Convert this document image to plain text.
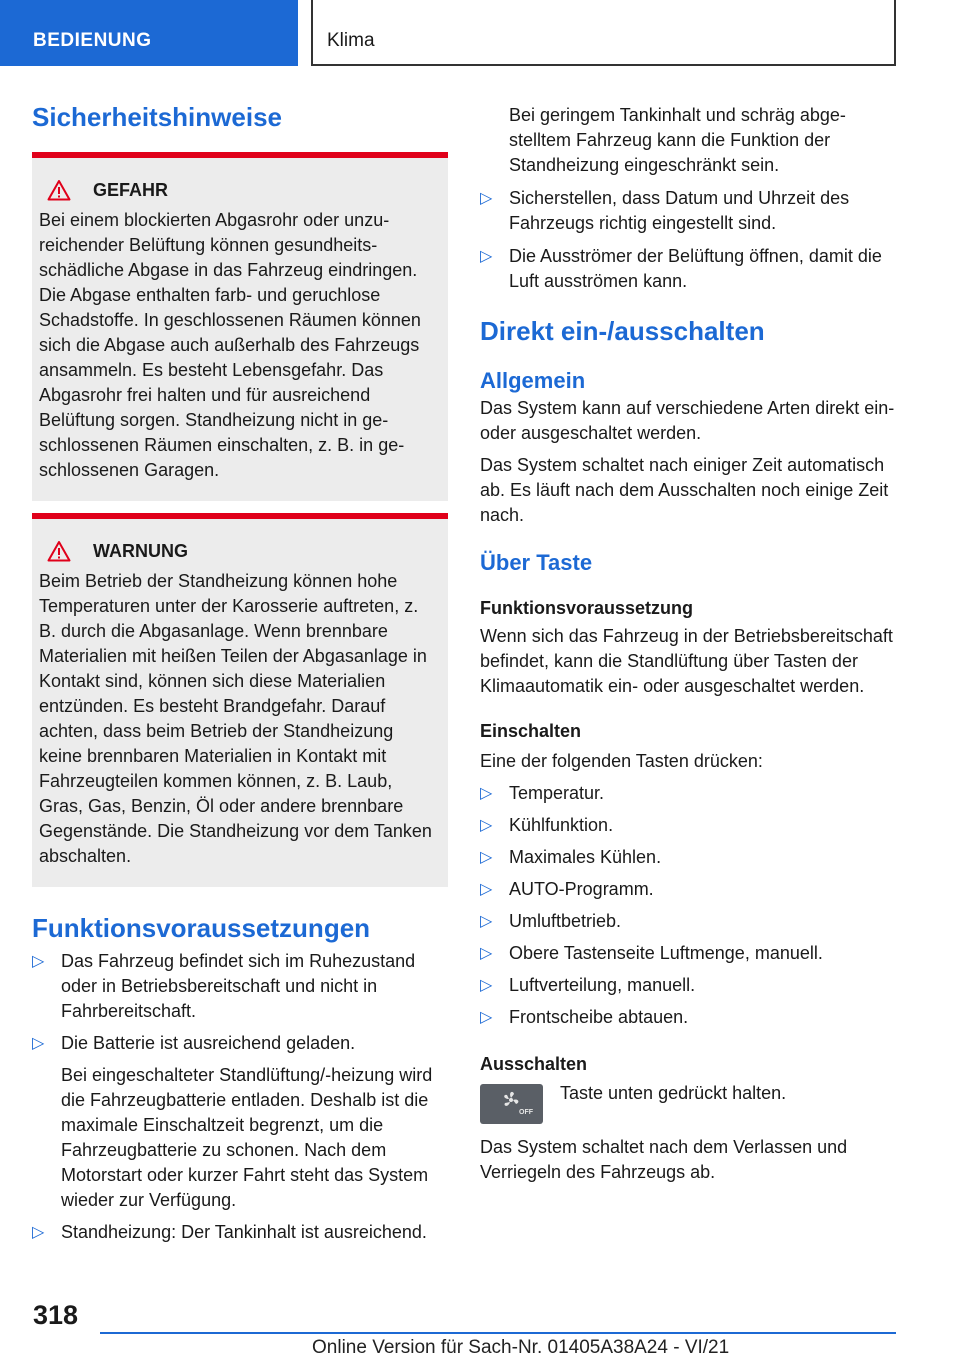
BEDIENUNG	Klima
Sicherheitshinweise
GEFAHR

Bei einem blockierten Abgasrohr oder unzureichender Belüftung können gesundheitsschädliche Abgase in das Fahrzeug eindringen. Die Abgase enthalten farb- und geruchlose Schadstoffe. In geschlossenen Räumen können sich die Abgase auch außerhalb des Fahrzeugs ansammeln. Es besteht Lebensgefahr. Das Abgasrohr frei halten und für ausreichend Belüftung sorgen. Standheizung nicht in geschlossenen Räumen einschalten, z. B. in geschlossenen Garagen.

WARNUNG

Beim Betrieb der Standheizung können hohe Temperaturen unter der Karosserie auftreten, z. B. durch die Abgasanlage. Wenn brennbare Materialien mit heißen Teilen der Abgasanlage in Kontakt sind, können sich diese Materialien entzünden. Es besteht Brandgefahr. Darauf achten, dass beim Betrieb der Standheizung keine brennbaren Materialien in Kontakt mit Fahrzeugteilen kommen können, z. B. Laub, Gras, Gas, Benzin, Öl oder andere brennbare Gegenstände. Die Standheizung vor dem Tanken abschalten.

Funktionsvoraussetzungen
▷ Das Fahrzeug befindet sich im Ruhezustand oder in Betriebsbereitschaft und nicht in Fahrbereitschaft.
▷ Die Batterie ist ausreichend geladen.

Bei eingeschalteter Standlüftung/-heizung wird die Fahrzeugbatterie entladen. Deshalb ist die maximale Einschaltzeit begrenzt, um die Fahrzeugbatterie zu schonen. Nach dem Motorstart oder kurzer Fahrt steht das System wieder zur Verfügung.

▷ Standheizung: Der Tankinhalt ist ausreichend.

Bei geringem Tankinhalt und schräg abgestelltem Fahrzeug kann die Funktion der Standheizung eingeschränkt sein.

▷ Sicherstellen, dass Datum und Uhrzeit des Fahrzeugs richtig eingestellt sind.
▷ Die Ausströmer der Belüftung öffnen, damit die Luft ausströmen kann.
Direkt ein-/ausschalten
Allgemein

Das System kann auf verschiedene Arten direkt ein- oder ausgeschaltet werden.

Das System schaltet nach einiger Zeit automatisch ab. Es läuft nach dem Ausschalten noch einige Zeit nach.

Über Taste
Funktionsvoraussetzung

Wenn sich das Fahrzeug in der Betriebsbereitschaft befindet, kann die Standlüftung über Tasten der Klimaautomatik ein- oder ausgeschaltet werden.

Einschalten

Eine der folgenden Tasten drücken:

▷ Temperatur.
▷ Kühlfunktion.
▷ Maximales Kühlen.
▷ AUTO-Programm.
▷ Umluftbetrieb.
▷ Obere Tastenseite Luftmenge, manuell.
▷ Luftverteilung, manuell.
▷ Frontscheibe abtauen.
Ausschalten
OFF

Taste unten gedrückt halten.

Das System schaltet nach dem Verlassen und Verriegeln des Fahrzeugs ab.

318
Online Version für Sach-Nr. 01405A38A24 - VI/21
